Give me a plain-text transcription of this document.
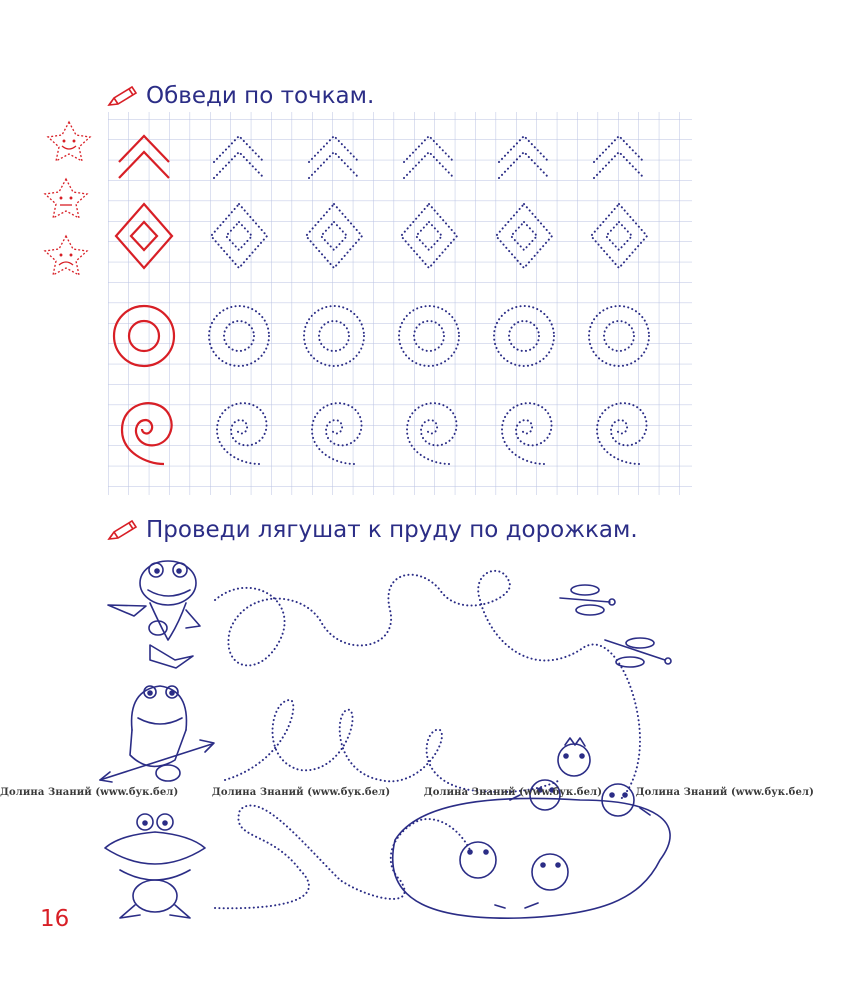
Обведи по точкам.
Проведи лягушат к пруду по дорожкам.
Долина Знаний (www.бук.бел)	Долина Знаний (www.бук.бел)	Долина Знаний (www.бук.бел)	Долина Знаний (www.бук.бел)
16
